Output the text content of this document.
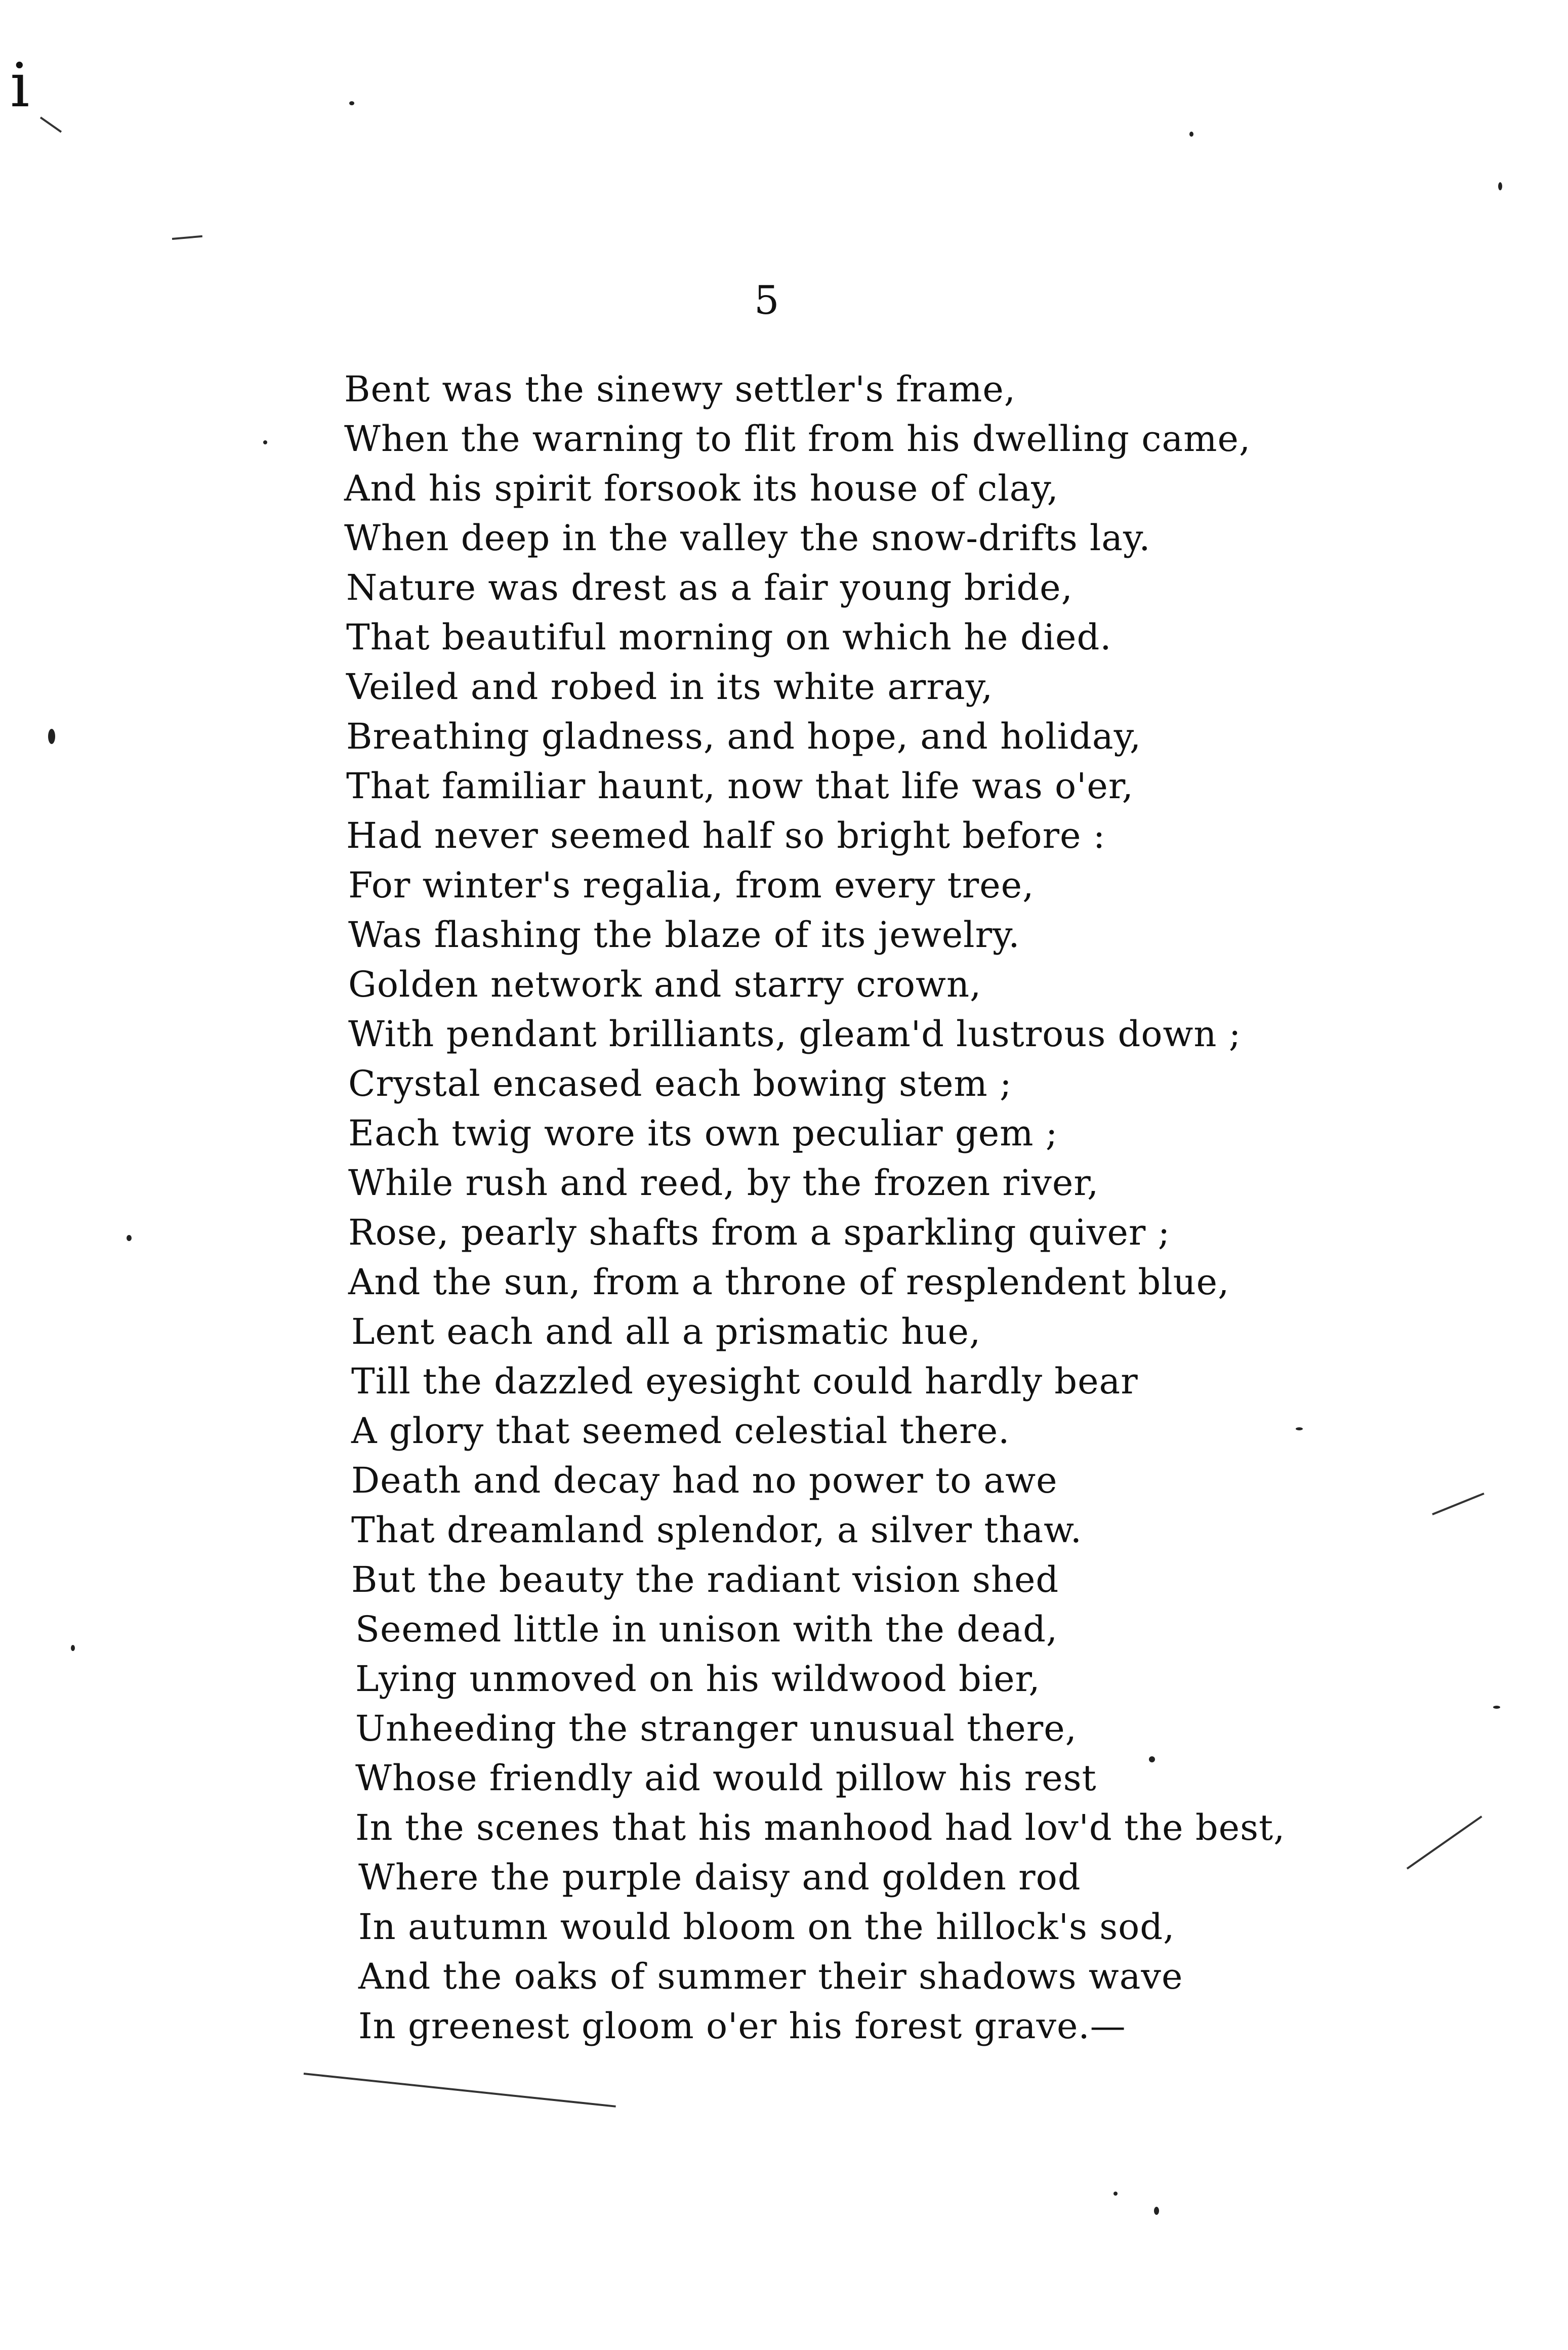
ⅰ
5
Bent was the sinewy settler's frame,
When the warning to flit from his dwelling came,
And his spirit forsook its house of clay,
When deep in the valley the snow-drifts lay.
Nature was drest as a fair young bride,
That beautiful morning on which he died.
Veiled and robed in its white array,
Breathing gladness, and hope, and holiday,
That familiar haunt, now that life was o'er,
Had never seemed half so bright before :
For winter's regalia, from every tree,
Was flashing the blaze of its jewelry.
Golden network and starry crown,
With pendant brilliants, gleam'd lustrous down ;
Crystal encased each bowing stem ;
Each twig wore its own peculiar gem ;
While rush and reed, by the frozen river,
Rose, pearly shafts from a sparkling quiver ;
And the sun, from a throne of resplendent blue,
Lent each and all a prismatic hue,
Till the dazzled eyesight could hardly bear
A glory that seemed celestial there.
Death and decay had no power to awe
That dreamland splendor, a silver thaw.
But the beauty the radiant vision shed
Seemed little in unison with the dead,
Lying unmoved on his wildwood bier,
Unheeding the stranger unusual there,
Whose friendly aid would pillow his rest
In the scenes that his manhood had lov'd the best,
Where the purple daisy and golden rod
In autumn would bloom on the hillock's sod,
And the oaks of summer their shadows wave
In greenest gloom o'er his forest grave.—
